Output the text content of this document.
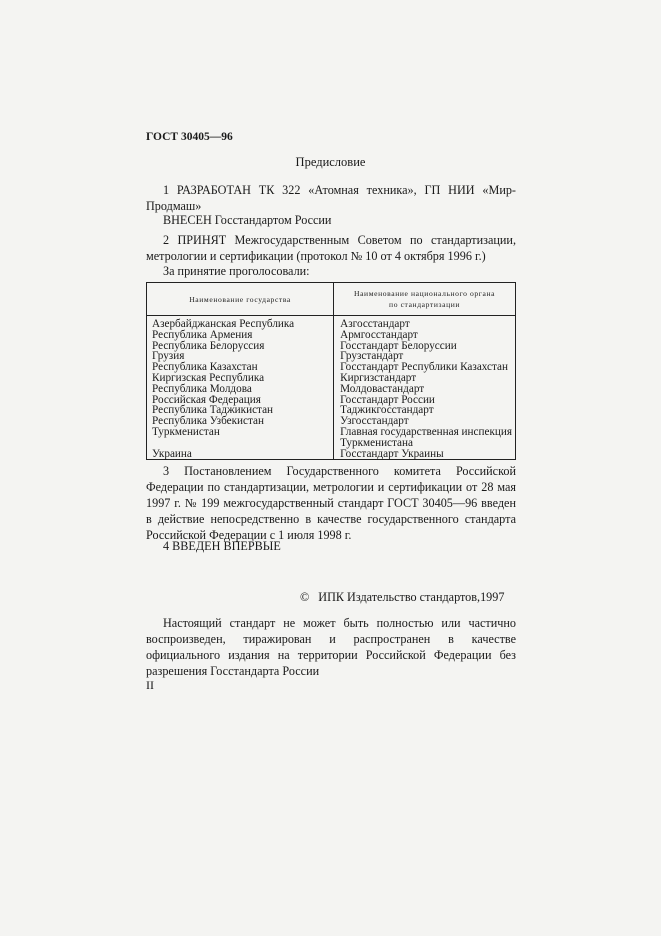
ГОСТ 30405—96
Предисловие
1 РАЗРАБОТАН ТК 322 «Атомная техника», ГП НИИ «Мир-Продмаш»
ВНЕСЕН Госстандартом России
2 ПРИНЯТ Межгосударственным Советом по стандартизации, метрологии и сертификации (протокол № 10 от 4 октября 1996 г.)
За принятие проголосовали:
Наименование государства	Наименование национального органа
по стандартизации
Азербайджанская Республика	Азгосстандарт
Республика Армения	Армгосстандарт
Республика Белоруссия	Госстандарт Белоруссии
Грузия	Грузстандарт
Республика Казахстан	Госстандарт Республики Казахстан
Киргизская Республика	Киргизстандарт
Республика Молдова	Молдовастандарт
Российская Федерация	Госстандарт России
Республика Таджикистан	Таджикгосстандарт
Республика Узбекистан	Узгосстандарт
Туркменистан	Главная государственная инспекция
	Туркменистана
Украина	Госстандарт Украины
3 Постановлением Государственного комитета Российской Федерации по стандартизации, метрологии и сертификации от 28 мая 1997 г. № 199 межгосударственный стандарт ГОСТ 30405—96 введен в действие непосредственно в качестве государственного стандарта Российской Федерации с 1 июля 1998 г.
4 ВВЕДЕН ВПЕРВЫЕ
© ИПК Издательство стандартов,1997
Настоящий стандарт не может быть полностью или частично воспроизведен, тиражирован и распространен в качестве официального издания на территории Российской Федерации без разрешения Госстандарта России
II
